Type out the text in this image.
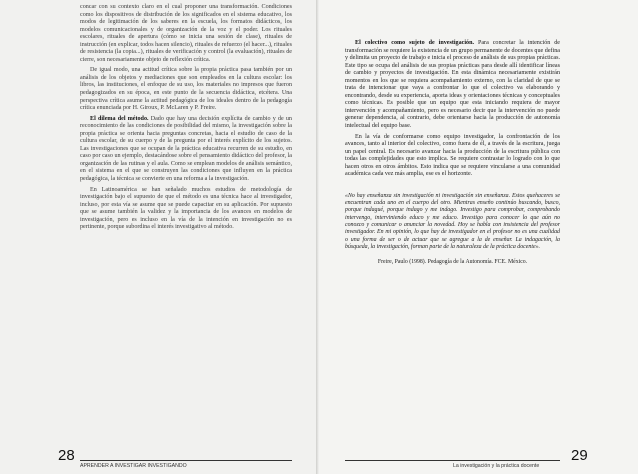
concar con su contexto claro en el cual proponer una transformación. Condiciones como los dispositivos de distribución de los significados en el sistema educativo, los modos de legitimación de los saberes en la escuela, los formatos didácticos, los modelos comunicacionales y de organización de la voz y el poder. Los rituales escolares, rituales de apertura (cómo se inicia una sesión de clase), rituales de instrucción (en explicar, todos hacen silencio), rituales de refuerzo (el hacer...), rituales de resistencia (la copia...), rituales de verificación y control (la evaluación), rituales de cierre, son necesariamente objeto de reflexión crítica.

De igual modo, una actitud crítica sobre la propia práctica pasa también por un análisis de los objetos y mediaciones que son empleados en la cultura escolar: los libros, las instituciones, el enfoque de su uso, los materiales no impresos que fueron pedagogizados en su época, en este punto de la secuencia didáctica, etcétera. Una perspectiva crítica asume la actitud pedagógica de los ideales dentro de la pedagogía crítica enunciada por H. Giroux, P. McLaren y P. Freire.

El dilema del método. Dado que hay una decisión explícita de cambio y de un reconocimiento de las condiciones de posibilidad del mismo, la investigación sobre la propia práctica se orienta hacia preguntas concretas, hacia el estudio de caso de la cultura escolar, de su cuerpo y de la pregunta por el interés explícito de los sujetos. Las investigaciones que se ocupan de la práctica educativa recurren de su estudio, en caso por caso un ejemplo, destacándose sobre el pensamiento didáctico del profesor, la organización de las rutinas y el aula. Como se emplean modelos de análisis semántico, en el sistema en el que se construyen las condiciones que influyen en la práctica pedagógica, la técnica se convierte en una reforma a la investigación.

En Latinoamérica se han señalado muchos estudios de metodología de investigación bajo el supuesto de que el método es una técnica hace al investigador, incluso, por esta vía se asume que se puede capacitar en su aplicación. Por supuesto que se asume también la validez y la importancia de los avances en modelos de investigación, pero es incluso en la vía de la intención en investigación no es pertinente, porque subordina el interés investigativo al método.

28
APRENDER A INVESTIGAR INVESTIGANDO

El colectivo como sujeto de investigación. Para concretar la intención de transformación se requiere la existencia de un grupo permanente de docentes que defina y delimita un proyecto de trabajo e inicia el proceso de análisis de sus propias prácticas. Este tipo se ocupa del análisis de sus propias prácticas para desde allí identificar líneas de cambio y proyectos de investigación. En esta dinámica necesariamente existirán momentos en los que se requiera acompañamiento externo, con la claridad de que se trata de intencionar que vaya a confrontar lo que el colectivo va elaborando y encontrando, desde su experiencia, aporta ideas y orientaciones técnicas y conceptuales como técnicas. Es posible que un equipo que esta iniciando requiera de mayor intervención y acompañamiento, pero es necesario decir que la intervención no puede generar dependencia, al contrario, debe orientarse hacia la producción de autonomía intelectual del equipo base.

En la vía de conformarse como equipo investigador, la confrontación de los avances, tanto al interior del colectivo, como fuera de él, a través de la escritura, juega un papel central. Es necesario avanzar hacia la producción de la escritura pública con todas las complejidades que esto implica. Se requiere contrastar lo logrado con lo que hacen otros en otros ámbitos. Esto indica que se requiere vincularse a una comunidad académica cada vez más amplia, ese es el horizonte.

«No hay enseñanza sin investigación ni investigación sin enseñanza. Estos quehaceres se encuentran cada uno en el cuerpo del otro. Mientras enseño continúo buscando, busco, porque indagué, porque indago y me indago. Investigo para comprobar, comprobando intervengo, interviniendo educo y me educo. Investigo para conocer lo que aún no conozco y comunicar o anunciar la novedad. Hoy se habla con insistencia del profesor investigador. En mi opinión, lo que hay de investigador en el profesor no es una cualidad o una forma de ser o de actuar que se agregue a la de enseñar. La indagación, la búsqueda, la investigación, forman parte de la naturaleza de la práctica docente».

Freire, Paulo (1998). Pedagogía de la Autonomía. FCE. México.

La investigación y la práctica docente
29
